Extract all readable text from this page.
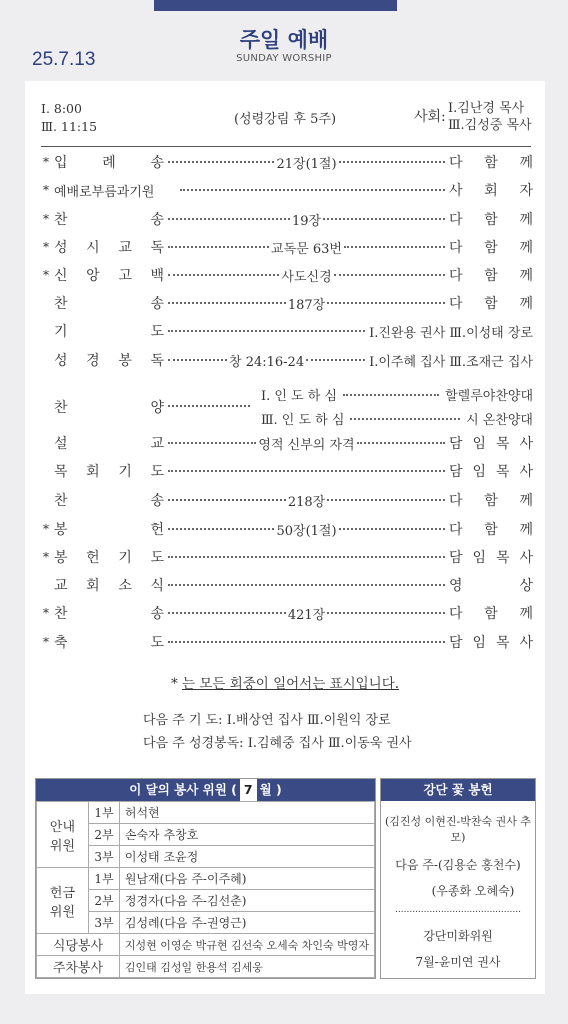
주일 예배
SUNDAY WORSHIP
25.7.13
Ⅰ. 8:00
Ⅲ. 11:15	(성령강림 후 5주)	사회:
Ⅰ.김난경 목사
Ⅲ.김성중 목사
찬	양
Ⅰ. 인 도 하 심	할렐루야찬양대
Ⅲ. 인 도 하 심	시 온찬양대
* 는 모든 회중이 일어서는 표시입니다.
다음 주 기 도: Ⅰ.배상연 집사 Ⅲ.이원익 장로
다음 주 성경봉독: Ⅰ.김혜중 집사 Ⅲ.이동욱 권사
이 달의 봉사 위원 ( 7 월 )
안내
위원	1부	허석현
	2부	손숙자 추창호
	3부	이성태 조윤정
헌금
위원	1부	원남재(다음 주-이주혜)
	2부	정경자(다음 주-김선춘)
	3부	김성례(다음 주-권영근)
식당봉사		지성현 이영순 박규현 김선숙 오세숙 차인숙 박영자
주차봉사		김인태 김성일 한용석 김세웅
강단 꽃 봉헌
(김진성 이현진-박찬숙 권사 추모)
다음 주-(김용순 홍천수)
(우종화 오혜숙)
............................................
강단미화위원
7월-윤미연 권사
* 입 례 송	21장(1절)	다 함 께
* 예배로부름과기원	사 회 자
* 찬	송	19장	다 함 께
* 성 시 교 독	교독문 63번	다 함 께
* 신 앙 고 백	사도신경	다 함 께
찬	송	187장	다 함 께
기	도	Ⅰ.진완용 권사 Ⅲ.이성태 장로
성 경 봉 독	창 24:16-24	Ⅰ.이주혜 집사 Ⅲ.조재근 집사
설	교	영적 신부의 자격	담 임 목 사
목 회 기 도	담 임 목 사
찬	송	218장	다 함 께
* 봉	헌	50장(1절)	다 함 께
* 봉 헌 기 도	담 임 목 사
교 회 소 식	영	상
* 찬	송	421장	다 함 께
* 축	도	담 임 목 사
